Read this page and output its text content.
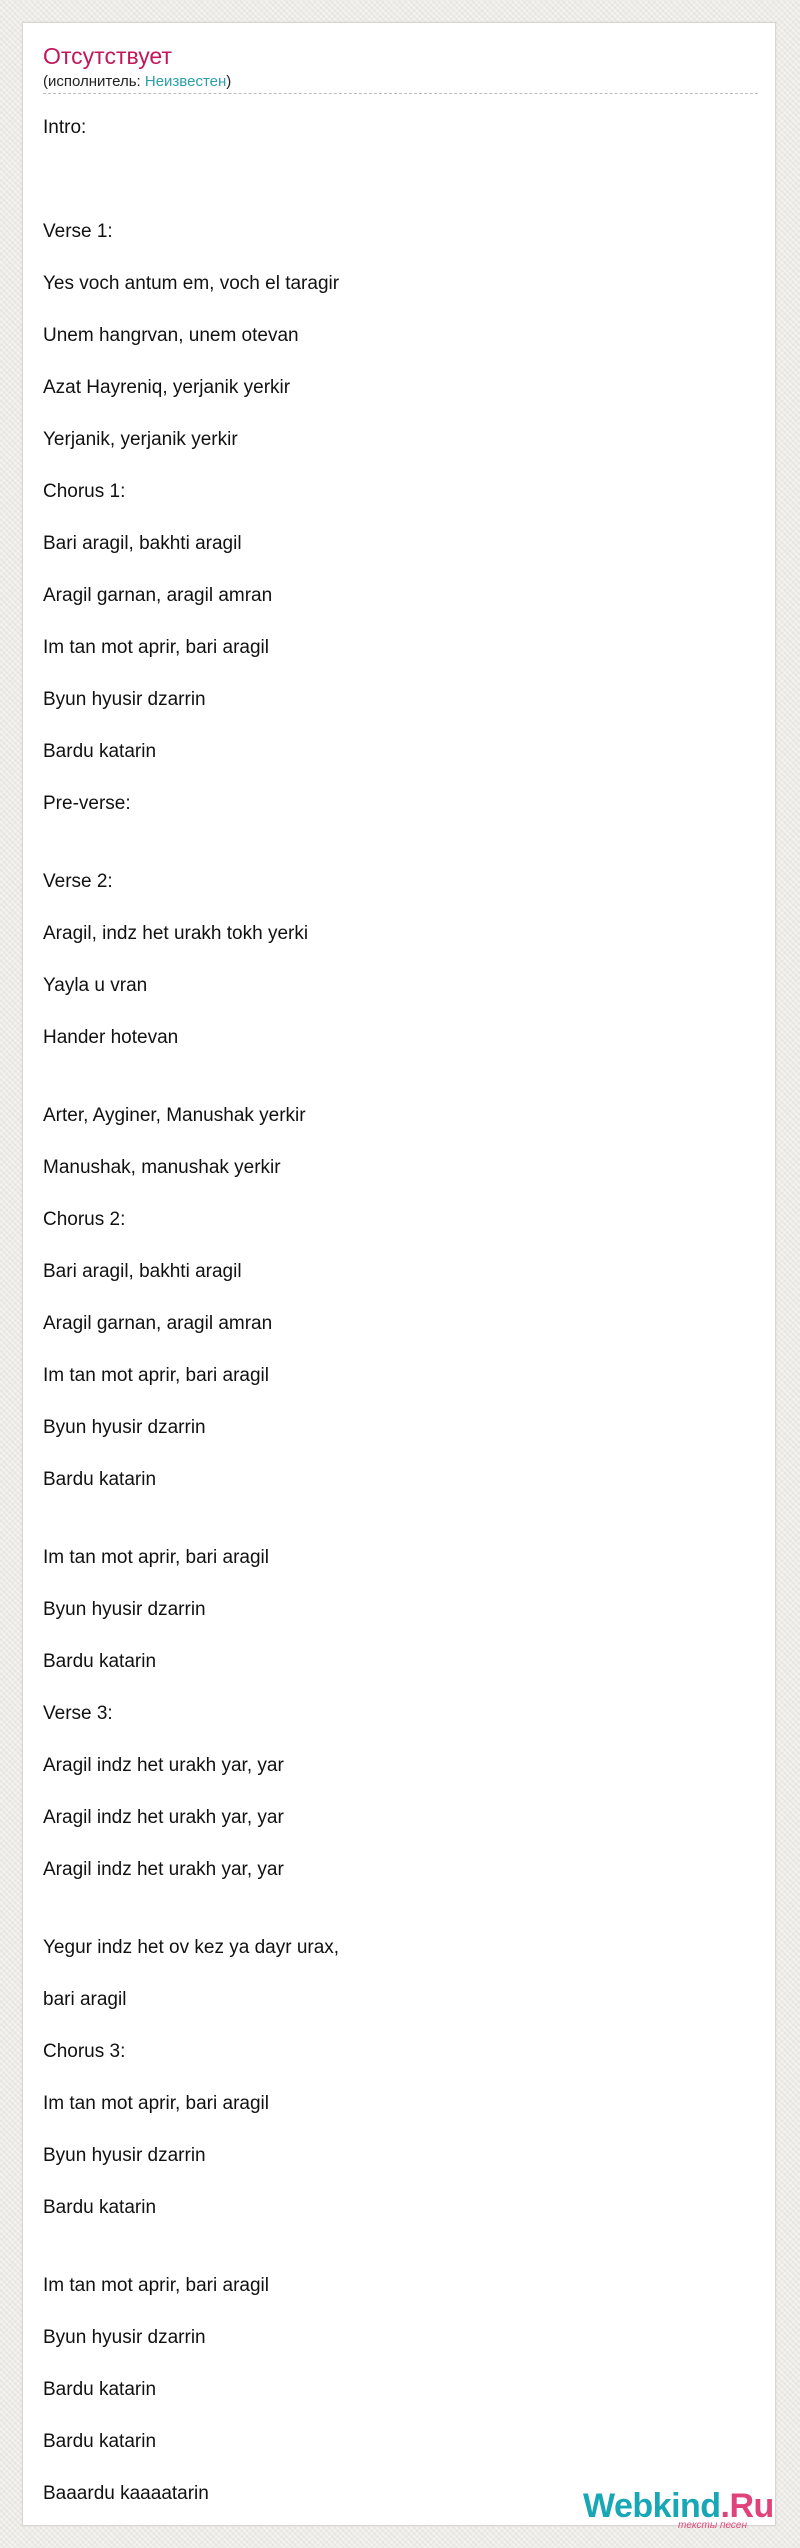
Отсутствует
(исполнитель: Неизвестен)
Intro:
Verse 1:
Yes voch antum em, voch el taragir
Unem hangrvan, unem otevan
Azat Hayreniq, yerjanik yerkir
Yerjanik, yerjanik yerkir
Chorus 1:
Bari aragil, bakhti aragil
Aragil garnan, aragil amran
Im tan mot aprir, bari aragil
Byun hyusir dzarrin
Bardu katarin
Pre-verse:
Verse 2:
Aragil, indz het urakh tokh yerki
Yayla u vran
Hander hotevan
Arter, Ayginer, Manushak yerkir
Manushak, manushak yerkir
Chorus 2:
Bari aragil, bakhti aragil
Aragil garnan, aragil amran
Im tan mot aprir, bari aragil
Byun hyusir dzarrin
Bardu katarin
Im tan mot aprir, bari aragil
Byun hyusir dzarrin
Bardu katarin
Verse 3:
Aragil indz het urakh yar, yar
Aragil indz het urakh yar, yar
Aragil indz het urakh yar, yar
Yegur indz het ov kez ya dayr urax,
bari aragil
Chorus 3:
Im tan mot aprir, bari aragil
Byun hyusir dzarrin
Bardu katarin
Im tan mot aprir, bari aragil
Byun hyusir dzarrin
Bardu katarin
Bardu katarin
Baaardu kaaaatarin	Webkind.Ru
тексты песен
